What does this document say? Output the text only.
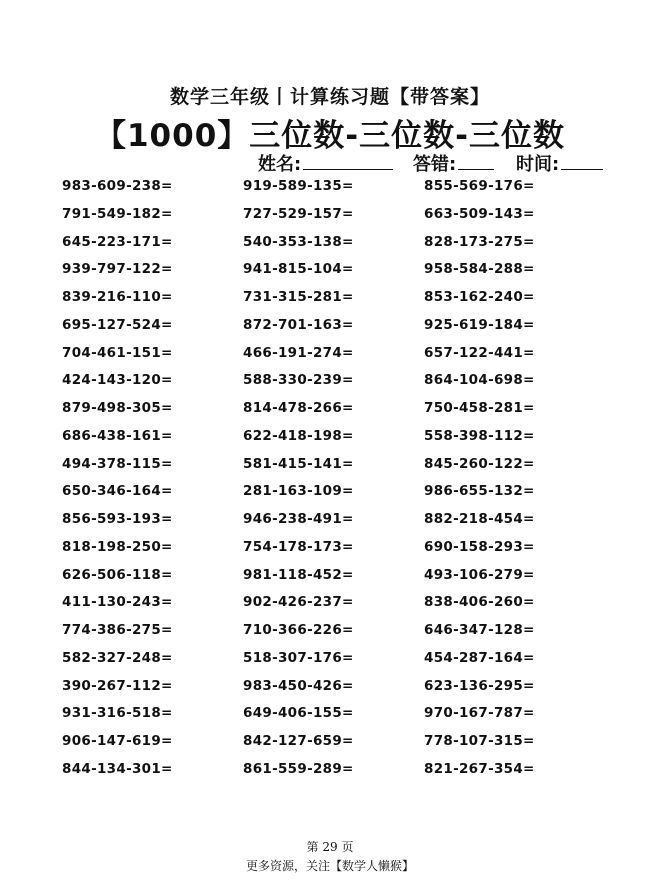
数学三年级丨计算练习题【带答案】
【1000】三位数-三位数-三位数
姓名:	答错:	时间:
983-609-238=
791-549-182=
645-223-171=
939-797-122=
839-216-110=
695-127-524=
704-461-151=
424-143-120=
879-498-305=
686-438-161=
494-378-115=
650-346-164=
856-593-193=
818-198-250=
626-506-118=
411-130-243=
774-386-275=
582-327-248=
390-267-112=
931-316-518=
906-147-619=
844-134-301=
919-589-135=
727-529-157=
540-353-138=
941-815-104=
731-315-281=
872-701-163=
466-191-274=
588-330-239=
814-478-266=
622-418-198=
581-415-141=
281-163-109=
946-238-491=
754-178-173=
981-118-452=
902-426-237=
710-366-226=
518-307-176=
983-450-426=
649-406-155=
842-127-659=
861-559-289=
855-569-176=
663-509-143=
828-173-275=
958-584-288=
853-162-240=
925-619-184=
657-122-441=
864-104-698=
750-458-281=
558-398-112=
845-260-122=
986-655-132=
882-218-454=
690-158-293=
493-106-279=
838-406-260=
646-347-128=
454-287-164=
623-136-295=
970-167-787=
778-107-315=
821-267-354=
第 29 页
更多资源，关注【数学人懒猴】
